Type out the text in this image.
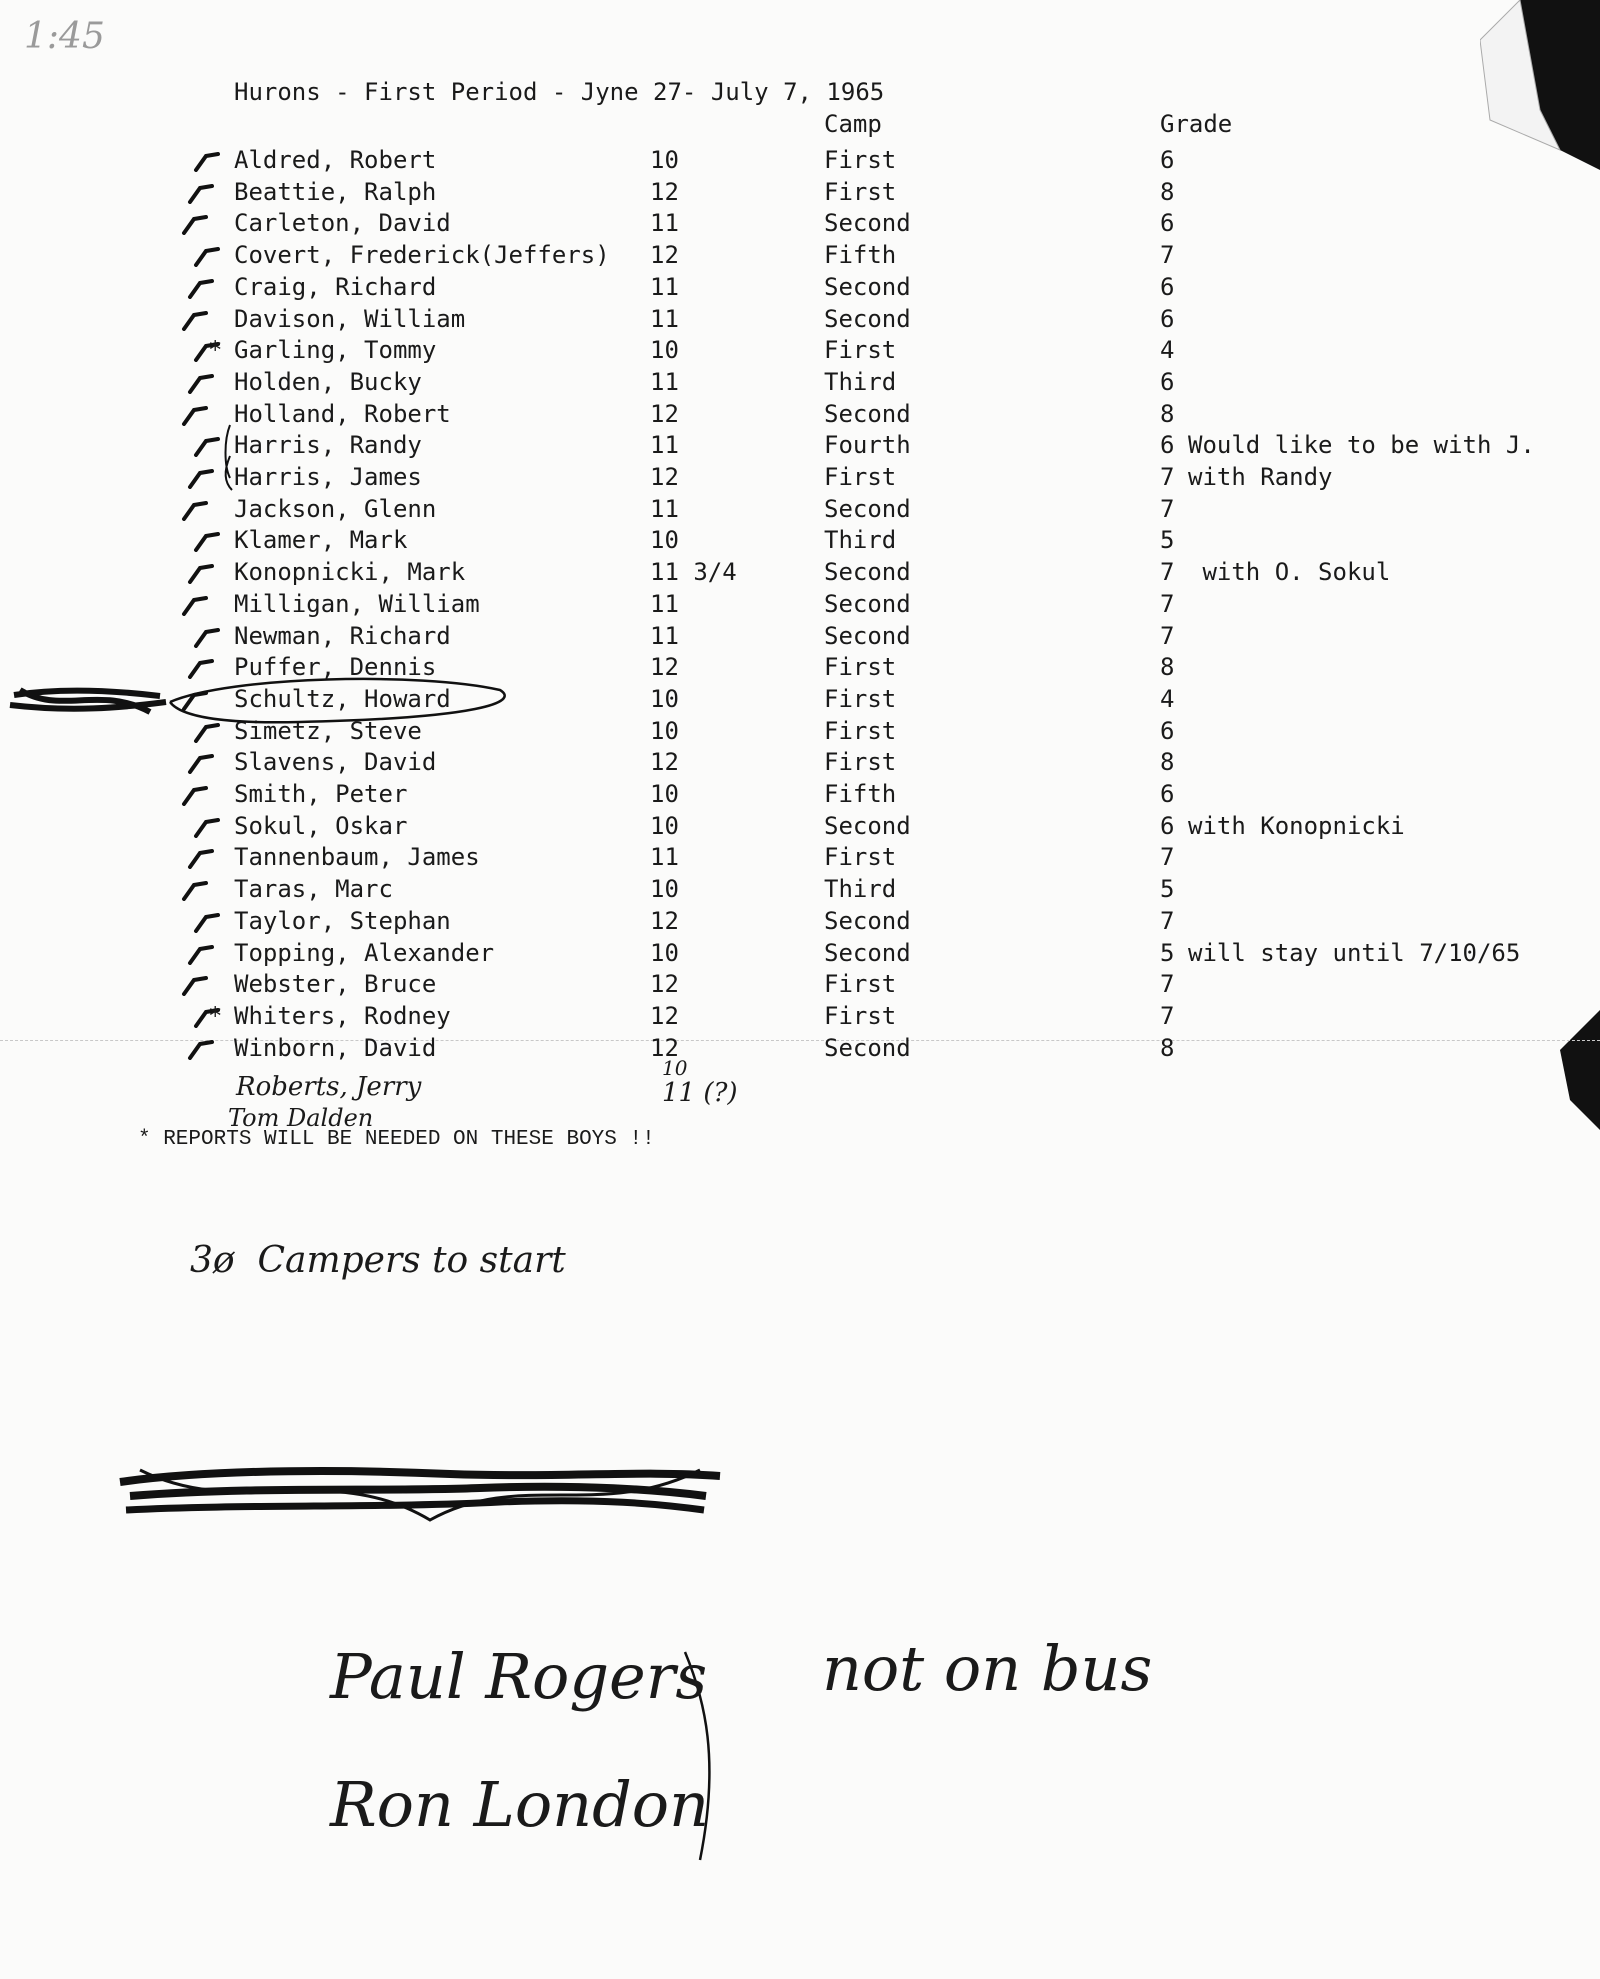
1:45
Hurons - First Period - Jyne 27- July 7, 1965
Camp	Grade
Aldred, Robert	10	First	6
Beattie, Ralph	12	First	8
Carleton, David	11	Second	6
Covert, Frederick(Jeffers) 12	Fifth	7
Craig, Richard	11	Second	6
Davison, William	11	Second	6
* Garling, Tommy	10	First	4
Holden, Bucky	11	Third	6
Holland, Robert	12	Second	8
Harris, Randy	11	Fourth	6 Would like to be with J.
Harris, James	12	First	7 with Randy
Jackson, Glenn	11	Second	7
Klamer, Mark	10	Third	5
Konopnicki, Mark	11 3/4	Second	7 with O. Sokul
Milligan, William	11	Second	7
Newman, Richard	11	Second	7
Puffer, Dennis	12	First	8
Schultz, Howard	10	First	4
Simetz, Steve	10	First	6
Slavens, David	12	First	8
Smith, Peter	10	Fifth	6
Sokul, Oskar	10	Second	6 with Konopnicki
Tannenbaum, James	11	First	7
Taras, Marc	10	Third	5
Taylor, Stephan	12	Second	7
Topping, Alexander	10	Second	5 will stay until 7/10/65
Webster, Bruce	12	First	7
* Whiters, Rodney	12	First	7
Winborn, David	12	Second	8
Roberts, Jerry
10
11 (?)
Tom Dalden
* REPORTS WILL BE NEEDED ON THESE BOYS !!
3ø  Campers to start
Paul Rogers
Ron London
not on bus
